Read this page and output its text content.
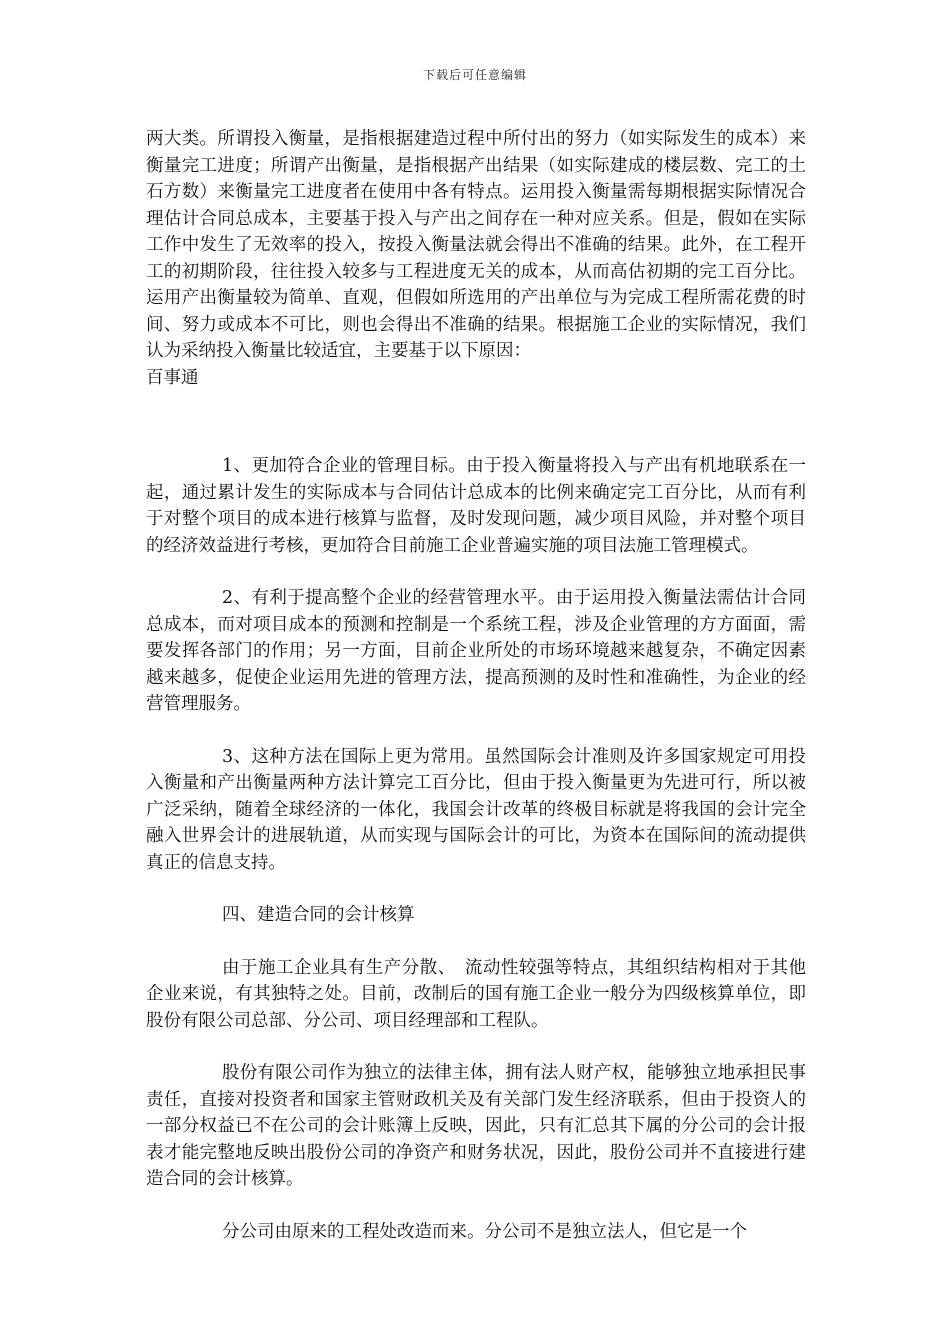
下载后可任意编辑

两大类。所谓投入衡量，是指根据建造过程中所付出的努力（如实际发生的成本）来衡量完工进度；所谓产出衡量，是指根据产出结果（如实际建成的楼层数、完工的土石方数）来衡量完工进度者在使用中各有特点。运用投入衡量需每期根据实际情况合理估计合同总成本，主要基于投入与产出之间存在一种对应关系。但是，假如在实际工作中发生了无效率的投入，按投入衡量法就会得出不准确的结果。此外，在工程开工的初期阶段，往往投入较多与工程进度无关的成本，从而高估初期的完工百分比。运用产出衡量较为简单、直观，但假如所选用的产出单位与为完成工程所需花费的时间、努力或成本不可比，则也会得出不准确的结果。根据施工企业的实际情况，我们认为采纳投入衡量比较适宜，主要基于以下原因：

百事通

1、更加符合企业的管理目标。由于投入衡量将投入与产出有机地联系在一起，通过累计发生的实际成本与合同估计总成本的比例来确定完工百分比，从而有利于对整个项目的成本进行核算与监督，及时发现问题，减少项目风险，并对整个项目的经济效益进行考核，更加符合目前施工企业普遍实施的项目法施工管理模式。

2、有利于提高整个企业的经营管理水平。由于运用投入衡量法需估计合同总成本，而对项目成本的预测和控制是一个系统工程，涉及企业管理的方方面面，需要发挥各部门的作用；另一方面，目前企业所处的市场环境越来越复杂，不确定因素越来越多，促使企业运用先进的管理方法，提高预测的及时性和准确性，为企业的经营管理服务。

3、这种方法在国际上更为常用。虽然国际会计准则及许多国家规定可用投入衡量和产出衡量两种方法计算完工百分比，但由于投入衡量更为先进可行，所以被广泛采纳，随着全球经济的一体化，我国会计改革的终极目标就是将我国的会计完全融入世界会计的进展轨道，从而实现与国际会计的可比，为资本在国际间的流动提供真正的信息支持。

四、建造合同的会计核算

由于施工企业具有生产分散、　流动性较强等特点，其组织结构相对于其他企业来说，有其独特之处。目前，改制后的国有施工企业一般分为四级核算单位，即股份有限公司总部、分公司、项目经理部和工程队。

股份有限公司作为独立的法律主体，拥有法人财产权，能够独立地承担民事责任，直接对投资者和国家主管财政机关及有关部门发生经济联系，但由于投资人的一部分权益已不在公司的会计账簿上反映，因此，只有汇总其下属的分公司的会计报表才能完整地反映出股份公司的净资产和财务状况，因此，股份公司并不直接进行建造合同的会计核算。

分公司由原来的工程处改造而来。分公司不是独立法人，但它是一个
